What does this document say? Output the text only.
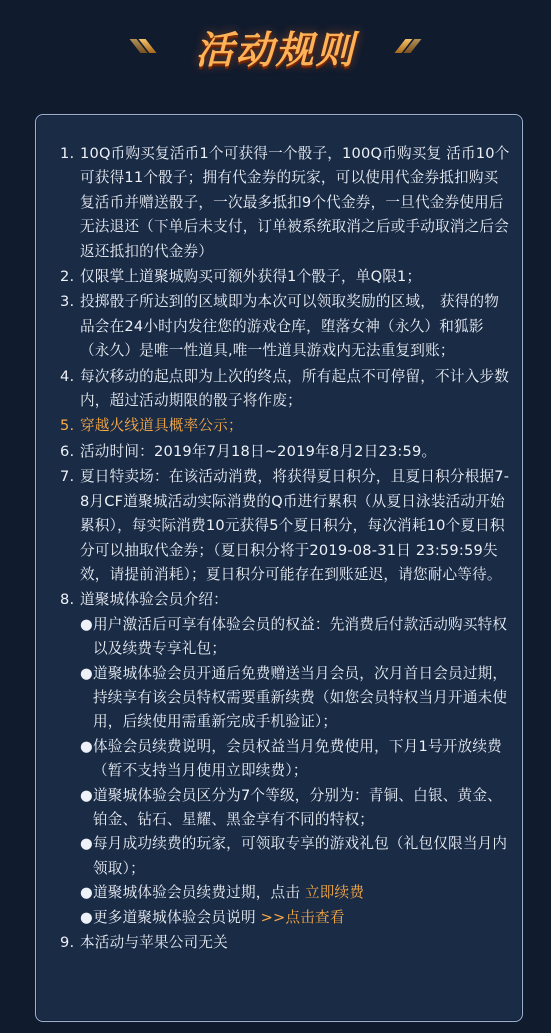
活动规则
1. 10Q币购买复活币1个可获得一个骰子，100Q币购买复 活币10个可获得11个骰子；拥有代金券的玩家，可以使用代金券抵扣购买复活币并赠送骰子，一次最多抵扣9个代金券，一旦代金券使用后无法退还（下单后未支付，订单被系统取消之后或手动取消之后会返还抵扣的代金券）
2. 仅限掌上道聚城购买可额外获得1个骰子，单Q限1；
3. 投掷骰子所达到的区域即为本次可以领取奖励的区域， 获得的物品会在24小时内发往您的游戏仓库，堕落女神（永久）和狐影（永久）是唯一性道具,唯一性道具游戏内无法重复到账；
4. 每次移动的起点即为上次的终点，所有起点不可停留，不计入步数内，超过活动期限的骰子将作废；
5. 穿越火线道具概率公示；
6. 活动时间：2019年7月18日~2019年8月2日23:59。
7. 夏日特卖场：在该活动消费，将获得夏日积分，且夏日积分根据7-8月CF道聚城活动实际消费的Q币进行累积（从夏日泳装活动开始累积），每实际消费10元获得5个夏日积分，每次消耗10个夏日积分可以抽取代金券；（夏日积分将于2019-08-31日 23:59:59失效，请提前消耗）；夏日积分可能存在到账延迟，请您耐心等待。
8. 道聚城体验会员介绍：
● 用户激活后可享有体验会员的权益：先消费后付款活动购买特权以及续费专享礼包；
● 道聚城体验会员开通后免费赠送当月会员，次月首日会员过期，持续享有该会员特权需要重新续费（如您会员特权当月开通未使用，后续使用需重新完成手机验证）；
● 体验会员续费说明，会员权益当月免费使用，下月1号开放续费（暂不支持当月使用立即续费）；
● 道聚城体验会员区分为7个等级，分别为：青铜、白银、黄金、铂金、钻石、星耀、黑金享有不同的特权；
● 每月成功续费的玩家，可领取专享的游戏礼包（礼包仅限当月内领取）；
● 道聚城体验会员续费过期，点击 立即续费
● 更多道聚城体验会员说明 >>点击查看
9. 本活动与苹果公司无关
